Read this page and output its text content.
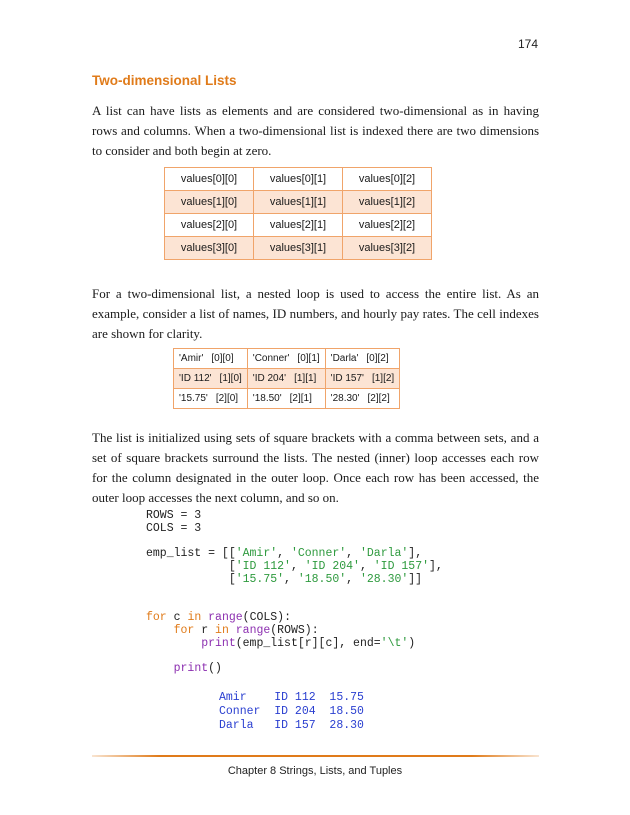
174
Two-dimensional Lists

A list can have lists as elements and are considered two-dimensional as in having rows and columns. When a two-dimensional list is indexed there are two dimensions to consider and both begin at zero.

values[0][0]	values[0][1]	values[0][2]
values[1][0]	values[1][1]	values[1][2]
values[2][0]	values[2][1]	values[2][2]
values[3][0]	values[3][1]	values[3][2]

For a two-dimensional list, a nested loop is used to access the entire list. As an example, consider a list of names, ID numbers, and hourly pay rates. The cell indexes are shown for clarity.

'Amir' [0][0]	'Conner' [0][1]	'Darla' [0][2]
'ID 112' [1][0]	'ID 204' [1][1]	'ID 157' [1][2]
'15.75' [2][0]	'18.50' [2][1]	'28.30' [2][2]

The list is initialized using sets of square brackets with a comma between sets, and a set of square brackets surround the lists. The nested (inner) loop accesses each row for the column designated in the outer loop. Once each row has been accessed, the outer loop accesses the next column, and so on.

ROWS = 3
COLS = 3
emp_list = [['Amir', 'Conner', 'Darla'],
['ID 112', 'ID 204', 'ID 157'],
['15.75', '18.50', '28.30']]
for c in range(COLS):
for r in range(ROWS):
print(emp_list[r][c], end='\t')

print()
Amir    ID 112  15.75
Conner  ID 204  18.50
Darla   ID 157  28.30
Chapter 8 Strings, Lists, and Tuples
